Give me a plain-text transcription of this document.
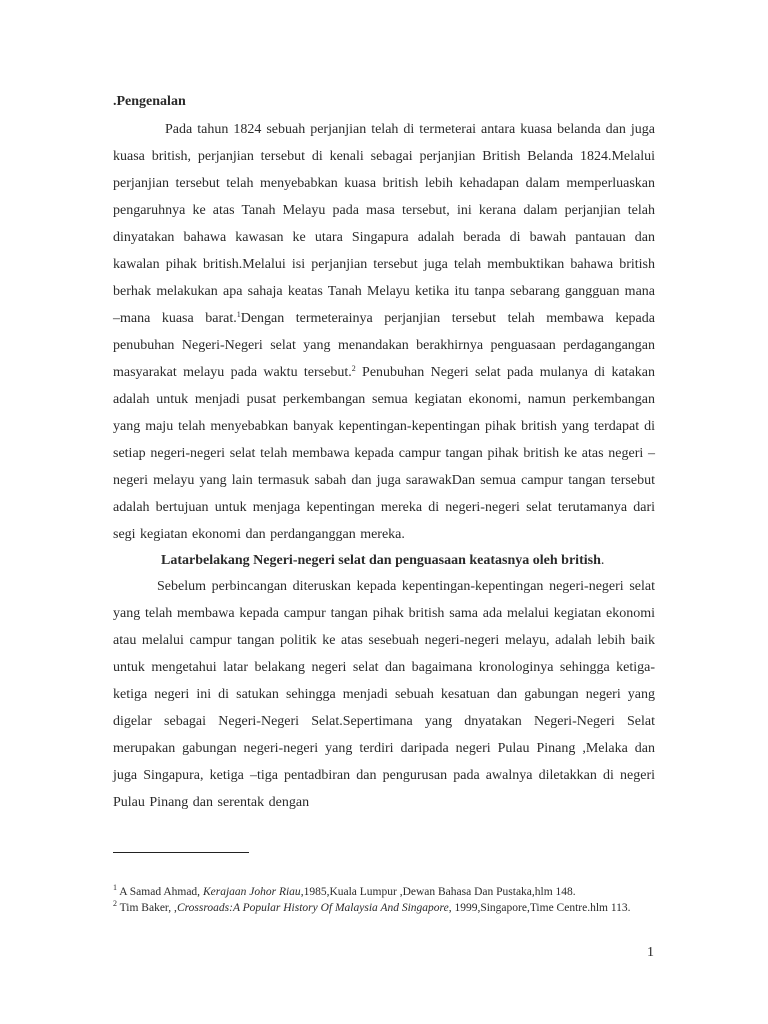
.Pengenalan

Pada tahun 1824 sebuah perjanjian telah di termeterai antara kuasa belanda dan juga kuasa british, perjanjian tersebut di kenali sebagai perjanjian British Belanda 1824.Melalui perjanjian tersebut telah menyebabkan kuasa british lebih kehadapan dalam memperluaskan pengaruhnya ke atas Tanah Melayu pada masa tersebut, ini kerana dalam perjanjian telah dinyatakan bahawa kawasan ke utara Singapura adalah berada di bawah pantauan dan kawalan pihak british.Melalui isi perjanjian tersebut juga telah membuktikan bahawa british berhak melakukan apa sahaja keatas Tanah Melayu ketika itu tanpa sebarang gangguan mana –mana kuasa barat.$^1$Dengan termeterainya perjanjian tersebut telah membawa kepada penubuhan Negeri-Negeri selat yang menandakan berakhirnya penguasaan perdagangangan masyarakat melayu pada waktu tersebut.$^2$ Penubuhan Negeri selat pada mulanya di katakan adalah untuk menjadi pusat perkembangan semua kegiatan ekonomi, namun perkembangan yang maju telah menyebabkan banyak kepentingan-kepentingan pihak british yang terdapat di setiap negeri-negeri selat telah membawa kepada campur tangan pihak british ke atas negeri – negeri melayu yang lain termasuk sabah dan juga sarawakDan semua campur tangan tersebut adalah bertujuan untuk menjaga kepentingan mereka di negeri-negeri selat terutamanya dari segi kegiatan ekonomi dan perdanganggan mereka.

Latarbelakang Negeri-negeri selat dan penguasaan keatasnya oleh british.

Sebelum perbincangan diteruskan kepada kepentingan-kepentingan negeri-negeri selat yang telah membawa kepada campur tangan pihak british sama ada melalui kegiatan ekonomi atau melalui campur tangan politik ke atas sesebuah negeri-negeri melayu, adalah lebih baik untuk mengetahui latar belakang negeri selat dan bagaimana kronologinya sehingga ketiga-ketiga negeri ini di satukan sehingga menjadi sebuah kesatuan dan gabungan negeri yang digelar sebagai Negeri-Negeri Selat.Sepertimana yang dnyatakan Negeri-Negeri Selat merupakan gabungan negeri-negeri yang terdiri daripada negeri Pulau Pinang ,Melaka dan juga Singapura, ketiga –tiga pentadbiran dan pengurusan pada awalnya diletakkan di negeri Pulau Pinang dan serentak dengan

$^1$ A Samad Ahmad, Kerajaan Johor Riau,1985,Kuala Lumpur ,Dewan Bahasa Dan Pustaka,hlm 148.

$^2$ Tim Baker, ,Crossroads:A Popular History Of Malaysia And Singapore, 1999,Singapore,Time Centre.hlm 113.

1
